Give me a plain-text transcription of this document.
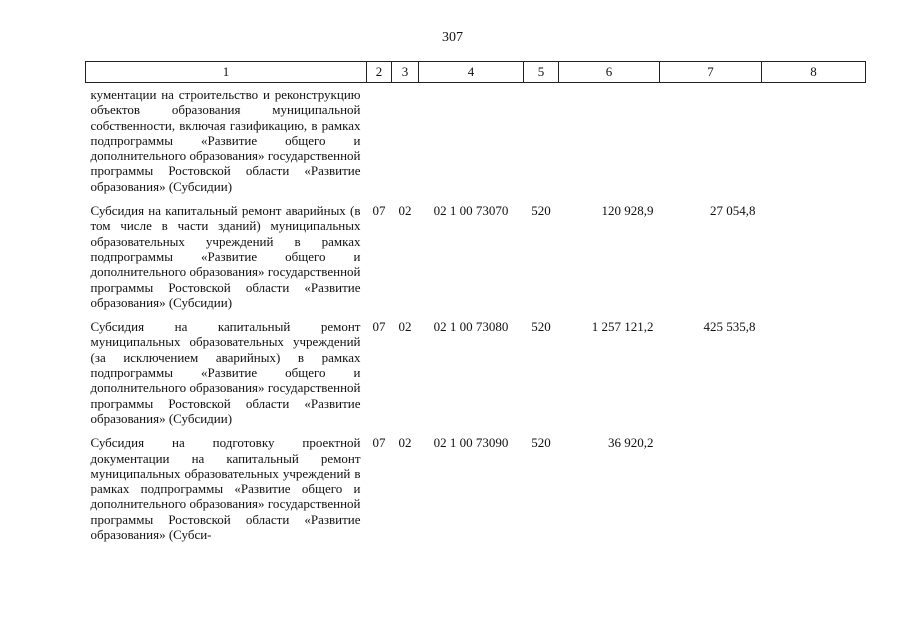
307
1	2	3	4	5	6	7	8
кументации на строительство и реконструкцию объектов образования муниципальной собственности, включая газификацию, в рамках подпрограммы «Развитие общего и дополнительного образования» государственной программы Ростовской области «Развитие образования» (Субсидии)							
Субсидия на капитальный ремонт аварийных (в том числе в части зданий) муниципальных образовательных учреждений в рамках подпрограммы «Развитие общего и дополнительного образования» государственной программы Ростовской области «Развитие образования» (Субсидии)	07	02	02 1 00 73070	520	120 928,9	27 054,8	
Субсидия на капитальный ремонт муниципальных образовательных учреждений (за исключением аварийных) в рамках подпрограммы «Развитие общего и дополнительного образования» государственной программы Ростовской области «Развитие образования» (Субсидии)	07	02	02 1 00 73080	520	1 257 121,2	425 535,8	
Субсидия на подготовку проектной документации на капитальный ремонт муниципальных образовательных учреждений в рамках подпрограммы «Развитие общего и дополнительного образования» государственной программы Ростовской области «Развитие образования» (Субси-	07	02	02 1 00 73090	520	36 920,2		
